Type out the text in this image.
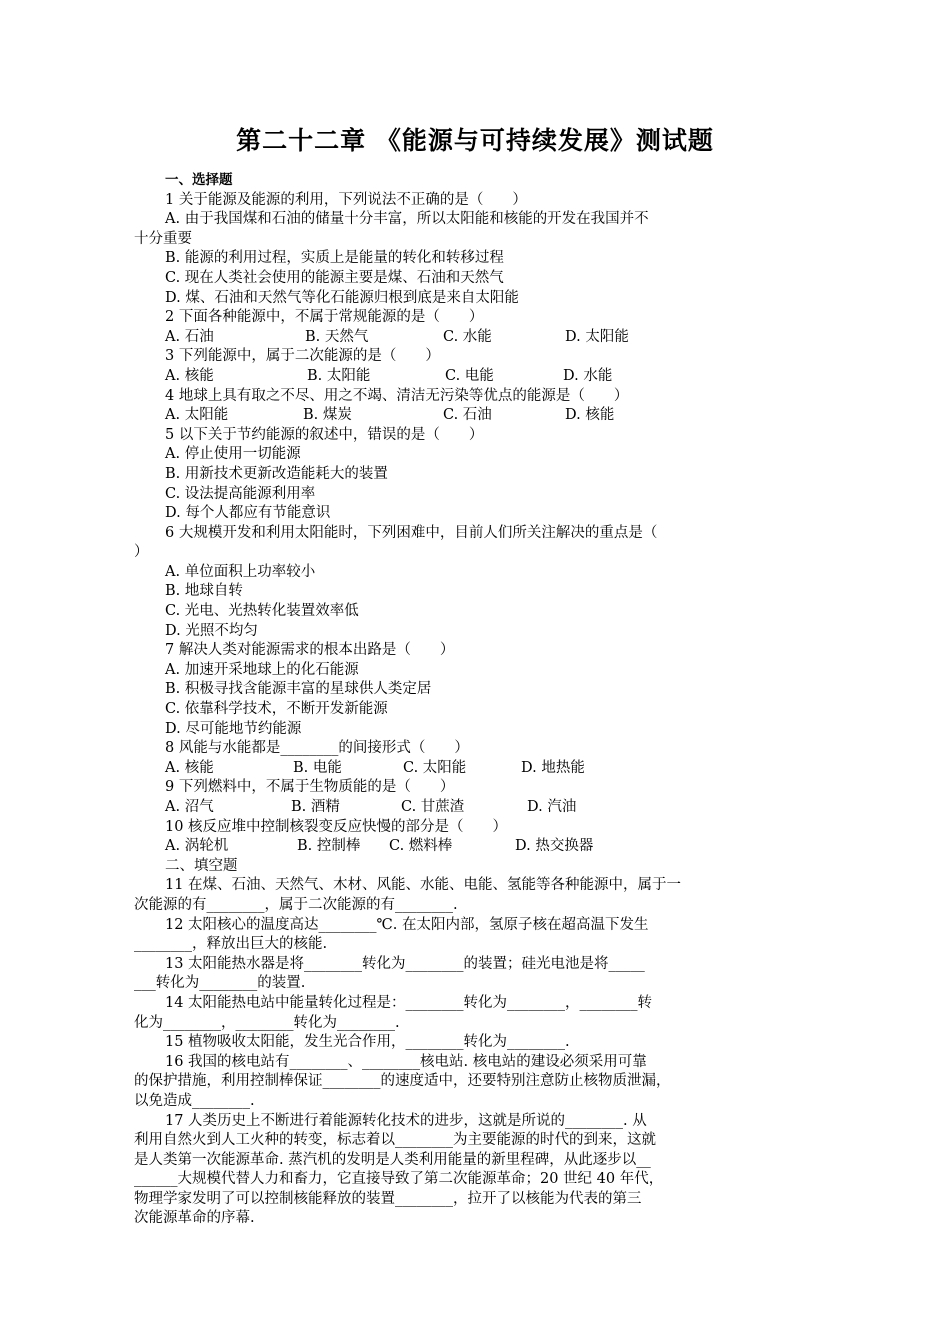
第二十二章 《能源与可持续发展》测试题
一、选择题
1 关于能源及能源的利用，下列说法不正确的是（　　）
A. 由于我国煤和石油的储量十分丰富，所以太阳能和核能的开发在我国并不
十分重要
B. 能源的利用过程，实质上是能量的转化和转移过程
C. 现在人类社会使用的能源主要是煤、石油和天然气
D. 煤、石油和天然气等化石能源归根到底是来自太阳能
2 下面各种能源中，不属于常规能源的是（　　）
A. 石油	B. 天然气	C. 水能	D. 太阳能
3 下列能源中，属于二次能源的是（　　）
A. 核能	B. 太阳能	C. 电能	D. 水能
4 地球上具有取之不尽、用之不竭、清洁无污染等优点的能源是（　　）
A. 太阳能	B. 煤炭	C. 石油	D. 核能
5 以下关于节约能源的叙述中，错误的是（　　）
A. 停止使用一切能源
B. 用新技术更新改造能耗大的装置
C. 设法提高能源利用率
D. 每个人都应有节能意识
6 大规模开发和利用太阳能时，下列困难中，目前人们所关注解决的重点是（
）
A. 单位面积上功率较小
B. 地球自转
C. 光电、光热转化装置效率低
D. 光照不均匀
7 解决人类对能源需求的根本出路是（　　）
A. 加速开采地球上的化石能源
B. 积极寻找含能源丰富的星球供人类定居
C. 依靠科学技术，不断开发新能源
D. 尽可能地节约能源
8 风能与水能都是________的间接形式（　　）
A. 核能	B. 电能	C. 太阳能	D. 地热能
9 下列燃料中，不属于生物质能的是（　　）
A. 沼气	B. 酒精	C. 甘蔗渣	D. 汽油
10 核反应堆中控制核裂变反应快慢的部分是（　　）
A. 涡轮机	B. 控制棒 C. 燃料棒	D. 热交换器
二、填空题
11 在煤、石油、天然气、木材、风能、水能、电能、氢能等各种能源中，属于一
次能源的有________，属于二次能源的有________.
12 太阳核心的温度高达________℃. 在太阳内部，氢原子核在超高温下发生
________，释放出巨大的核能.
13 太阳能热水器是将________转化为________的装置；硅光电池是将_____
___转化为________的装置.
14 太阳能热电站中能量转化过程是：________转化为________，________转
化为________，________转化为________.
15 植物吸收太阳能，发生光合作用，________转化为________.
16 我国的核电站有________、________核电站. 核电站的建设必须采用可靠
的保护措施，利用控制棒保证________的速度适中，还要特别注意防止核物质泄漏，
以免造成________.
17 人类历史上不断进行着能源转化技术的进步，这就是所说的________. 从
利用自然火到人工火种的转变，标志着以________为主要能源的时代的到来，这就
是人类第一次能源革命. 蒸汽机的发明是人类利用能量的新里程碑，从此逐步以__
______大规模代替人力和畜力，它直接导致了第二次能源革命；20 世纪 40 年代，
物理学家发明了可以控制核能释放的装置________，拉开了以核能为代表的第三
次能源革命的序幕.
